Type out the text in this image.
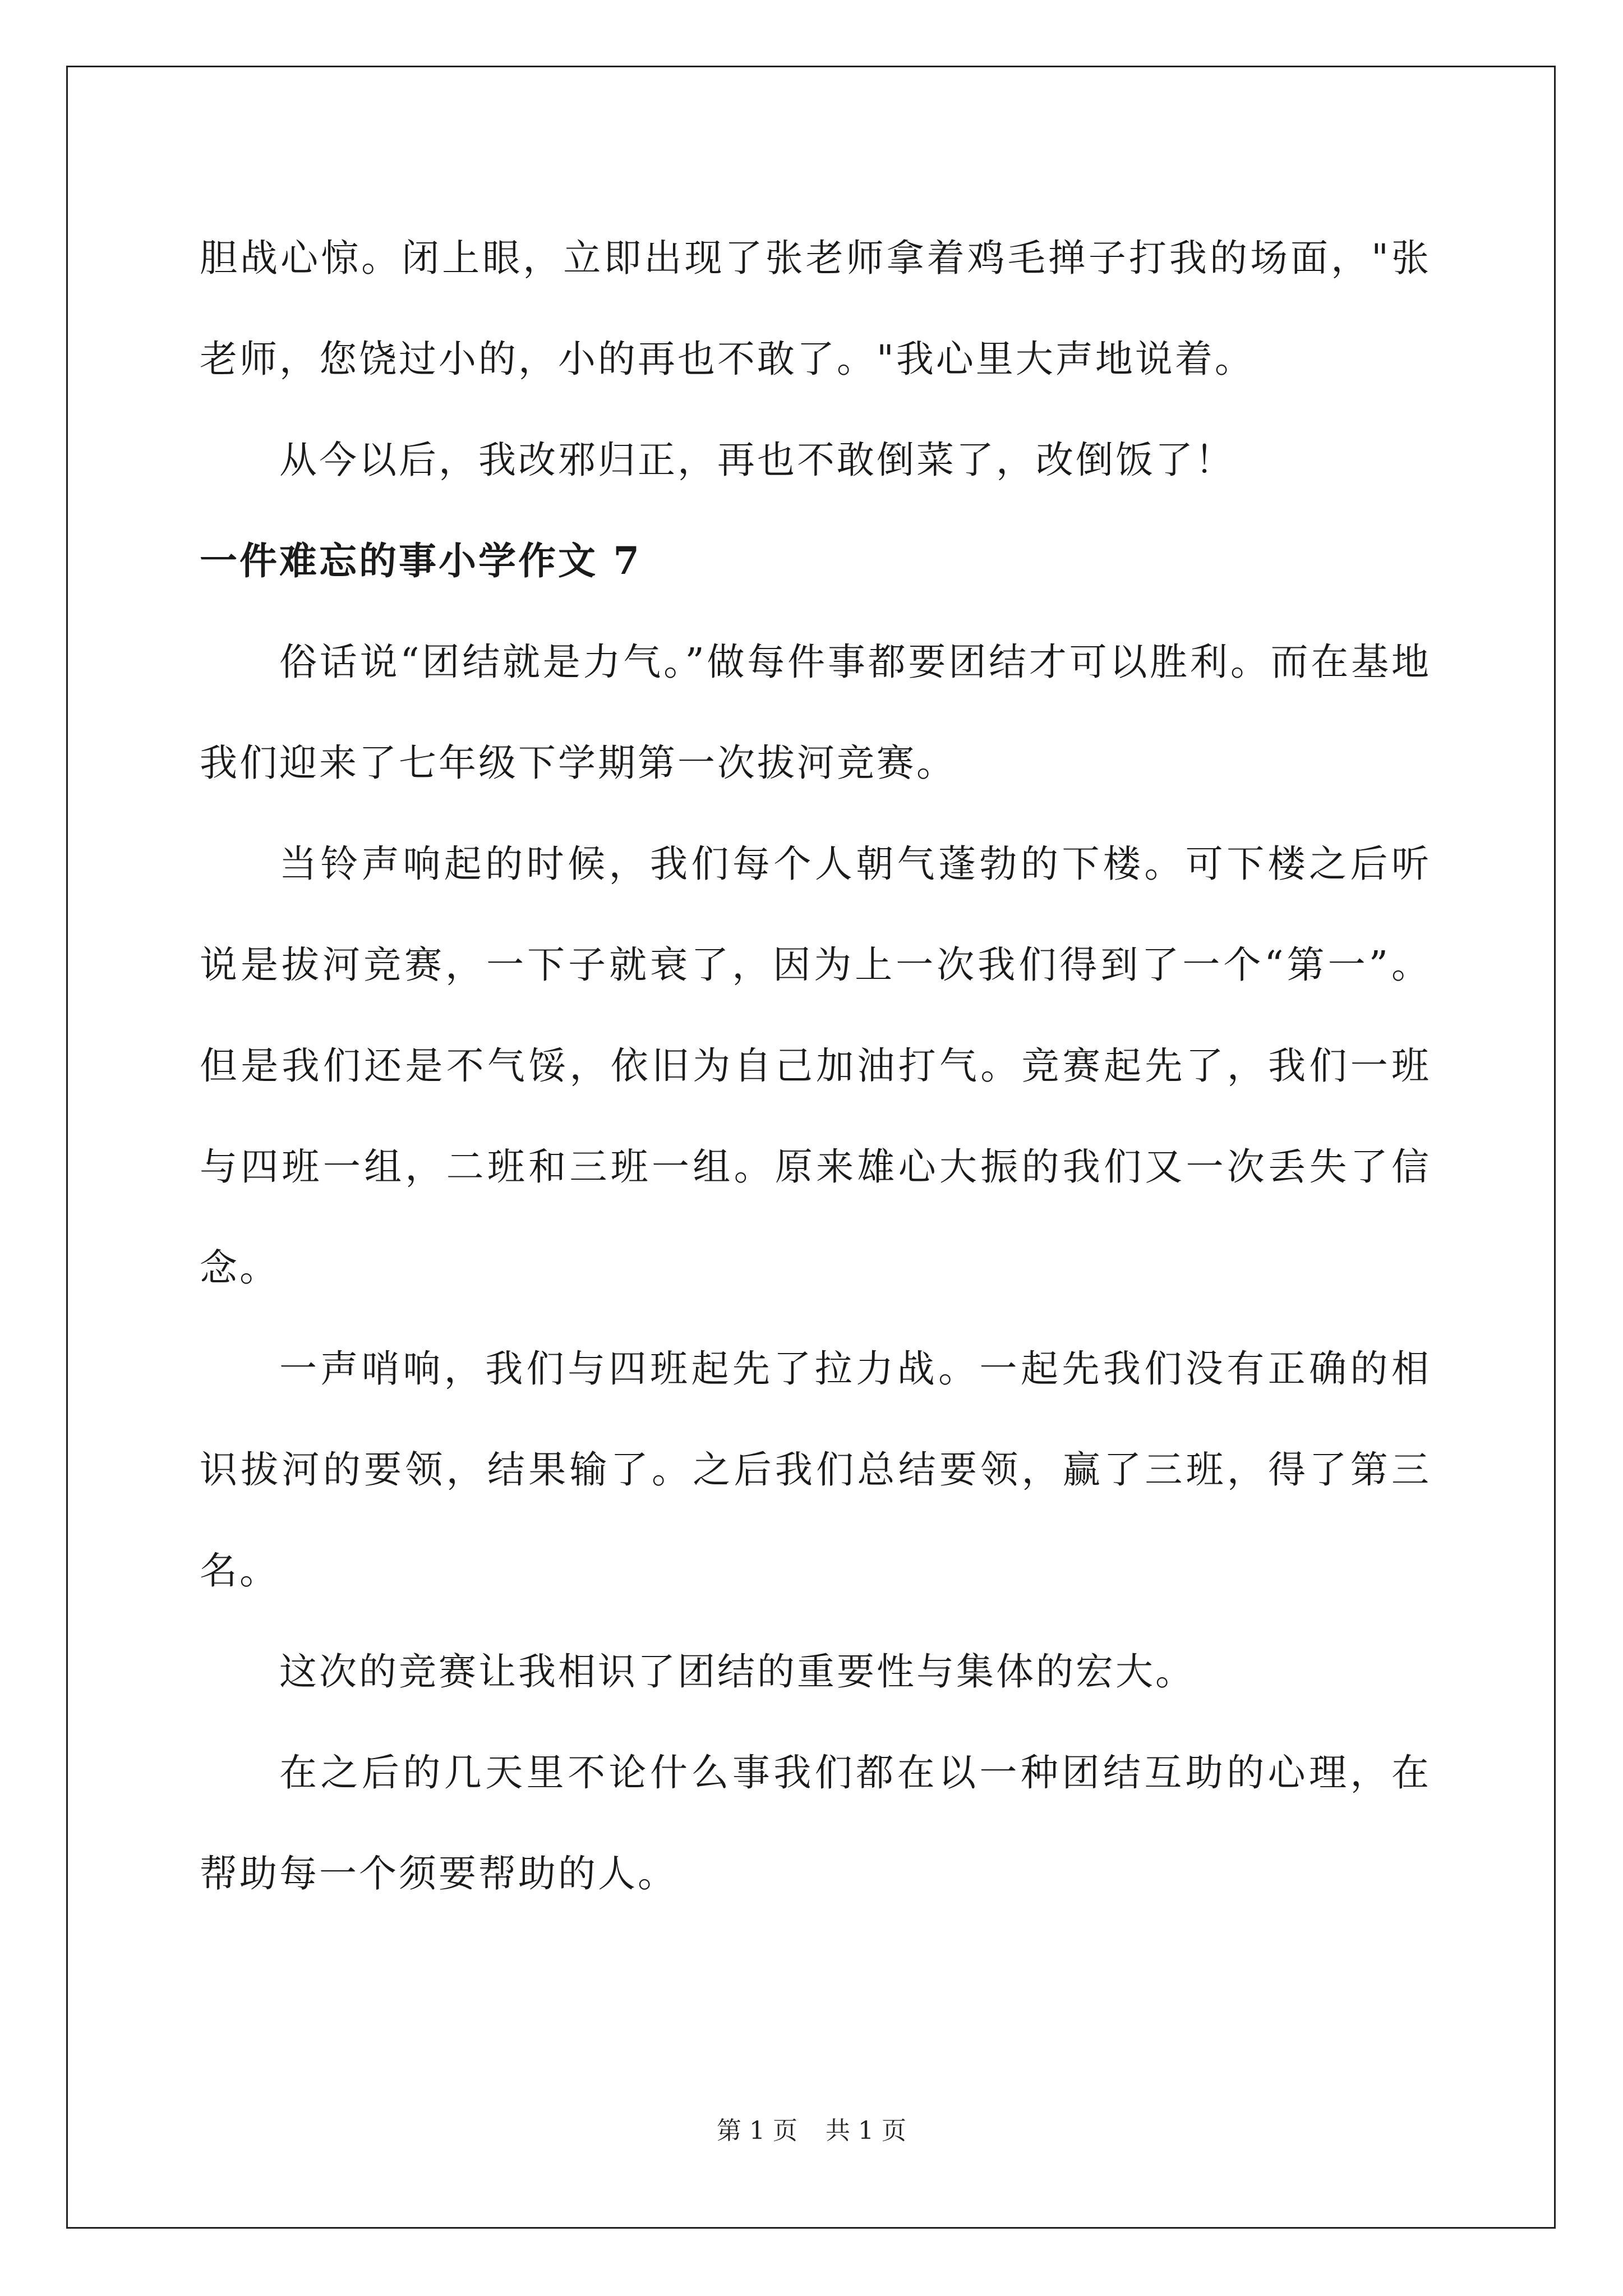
胆战心惊。闭上眼，立即出现了张老师拿着鸡毛掸子打我的场面，"张老师，您饶过小的，小的再也不敢了。"我心里大声地说着。

从今以后，我改邪归正，再也不敢倒菜了，改倒饭了！

一件难忘的事小学作文 7

俗话说“团结就是力气。”做每件事都要团结才可以胜利。而在基地我们迎来了七年级下学期第一次拔河竞赛。

当铃声响起的时候，我们每个人朝气蓬勃的下楼。可下楼之后听说是拔河竞赛，一下子就衰了，因为上一次我们得到了一个“第一”。但是我们还是不气馁，依旧为自己加油打气。竞赛起先了，我们一班与四班一组，二班和三班一组。原来雄心大振的我们又一次丢失了信念。

一声哨响，我们与四班起先了拉力战。一起先我们没有正确的相识拔河的要领，结果输了。之后我们总结要领，赢了三班，得了第三名。

这次的竞赛让我相识了团结的重要性与集体的宏大。

在之后的几天里不论什么事我们都在以一种团结互助的心理，在帮助每一个须要帮助的人。

第 1 页 共 1 页
